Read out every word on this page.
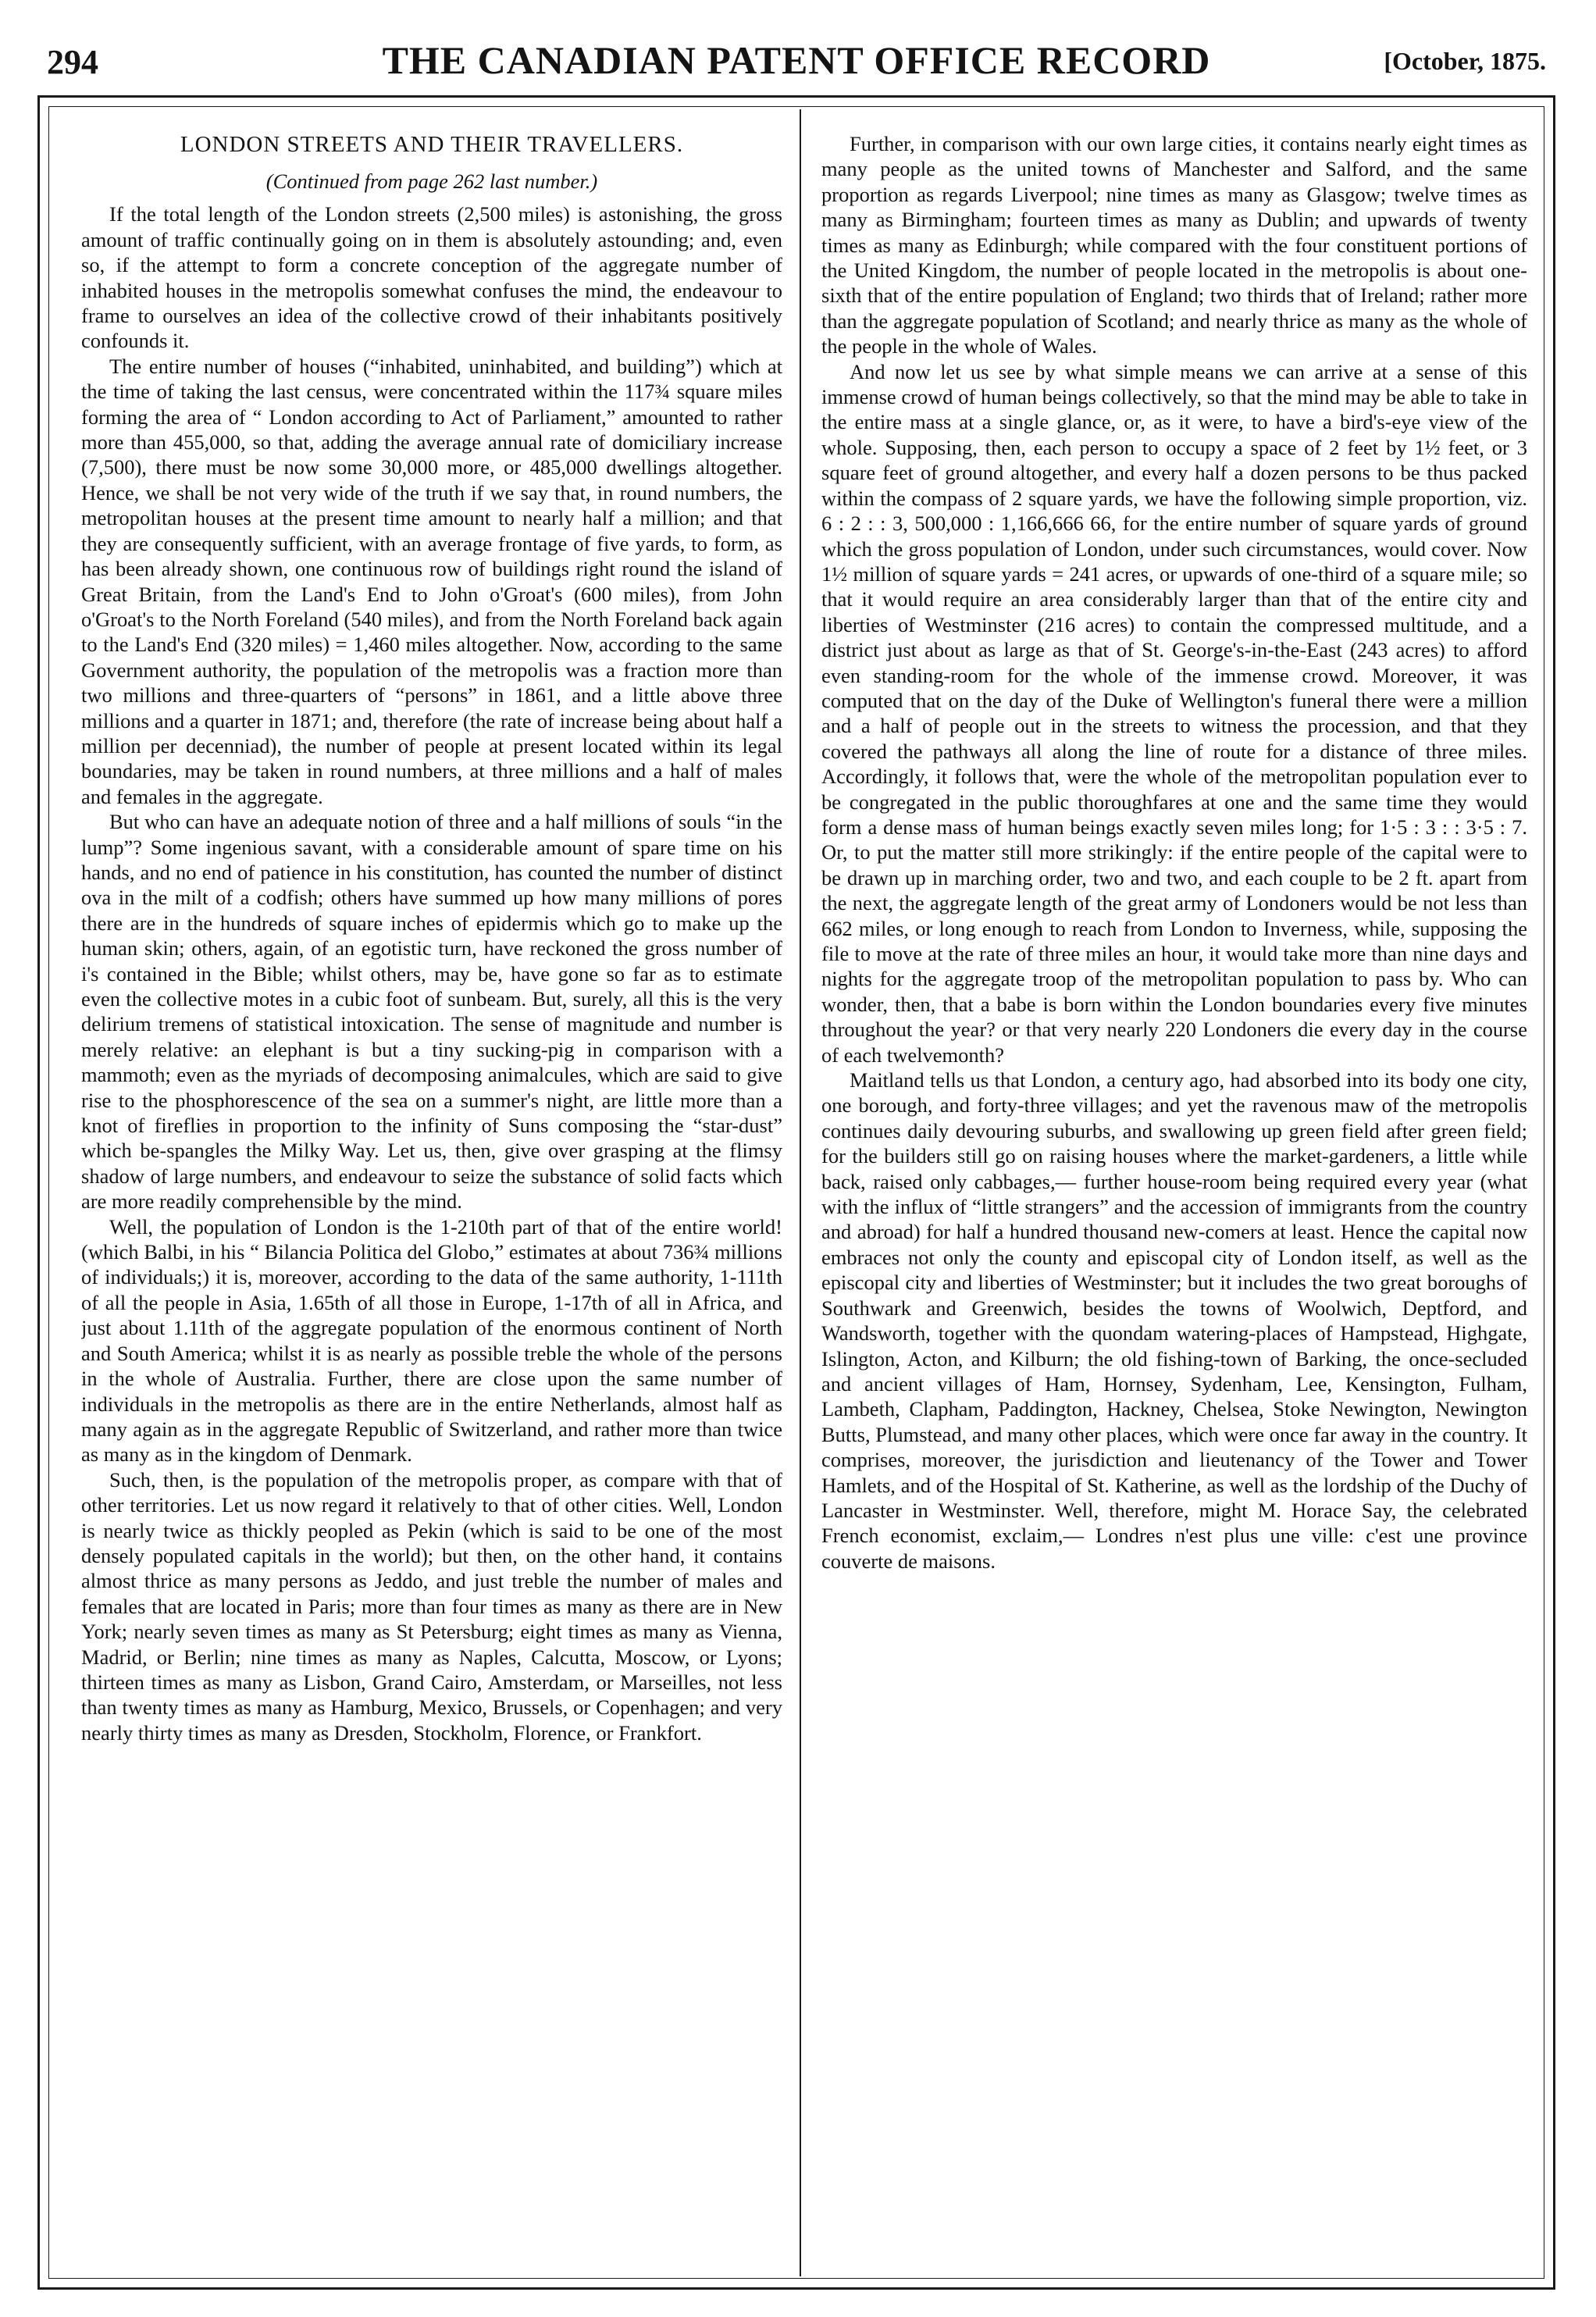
294	THE CANADIAN PATENT OFFICE RECORD	[October, 1875.
LONDON STREETS AND THEIR TRAVELLERS.
(Continued from page 262 last number.)

If the total length of the London streets (2,500 miles) is astonishing, the gross amount of traffic continually going on in them is absolutely astounding; and, even so, if the attempt to form a concrete conception of the aggregate number of inhabited houses in the metropolis somewhat confuses the mind, the endeavour to frame to ourselves an idea of the collective crowd of their inhabitants positively confounds it.

The entire number of houses (“inhabited, uninhabited, and building”) which at the time of taking the last census, were concentrated within the 117¾ square miles forming the area of “ London according to Act of Parliament,” amounted to rather more than 455,000, so that, adding the average annual rate of domiciliary increase (7,500), there must be now some 30,000 more, or 485,000 dwellings altogether. Hence, we shall be not very wide of the truth if we say that, in round numbers, the metropolitan houses at the present time amount to nearly half a million; and that they are consequently sufficient, with an average frontage of five yards, to form, as has been already shown, one continuous row of buildings right round the island of Great Britain, from the Land's End to John o'Groat's (600 miles), from John o'Groat's to the North Foreland (540 miles), and from the North Foreland back again to the Land's End (320 miles) = 1,460 miles altogether. Now, according to the same Government authority, the population of the metropolis was a fraction more than two millions and three-quarters of “persons” in 1861, and a little above three millions and a quarter in 1871; and, therefore (the rate of increase being about half a million per decenniad), the number of people at present located within its legal boundaries, may be taken in round numbers, at three millions and a half of males and females in the aggregate.

But who can have an adequate notion of three and a half millions of souls “in the lump”? Some ingenious savant, with a considerable amount of spare time on his hands, and no end of patience in his constitution, has counted the number of distinct ova in the milt of a codfish; others have summed up how many millions of pores there are in the hundreds of square inches of epidermis which go to make up the human skin; others, again, of an egotistic turn, have reckoned the gross number of i's contained in the Bible; whilst others, may be, have gone so far as to estimate even the collective motes in a cubic foot of sunbeam. But, surely, all this is the very delirium tremens of statistical intoxication. The sense of magnitude and number is merely relative: an elephant is but a tiny sucking-pig in comparison with a mammoth; even as the myriads of decomposing animalcules, which are said to give rise to the phosphorescence of the sea on a summer's night, are little more than a knot of fireflies in proportion to the infinity of Suns composing the “star-dust” which be-spangles the Milky Way. Let us, then, give over grasping at the flimsy shadow of large numbers, and endeavour to seize the substance of solid facts which are more readily comprehensible by the mind.

Well, the population of London is the 1-210th part of that of the entire world! (which Balbi, in his “ Bilancia Politica del Globo,” estimates at about 736¾ millions of individuals;) it is, moreover, according to the data of the same authority, 1-111th of all the people in Asia, 1.65th of all those in Europe, 1-17th of all in Africa, and just about 1.11th of the aggregate population of the enormous continent of North and South America; whilst it is as nearly as possible treble the whole of the persons in the whole of Australia. Further, there are close upon the same number of individuals in the metropolis as there are in the entire Netherlands, almost half as many again as in the aggregate Republic of Switzerland, and rather more than twice as many as in the kingdom of Denmark.

Such, then, is the population of the metropolis proper, as compare with that of other territories. Let us now regard it relatively to that of other cities. Well, London is nearly twice as thickly peopled as Pekin (which is said to be one of the most densely populated capitals in the world); but then, on the other hand, it contains almost thrice as many persons as Jeddo, and just treble the number of males and females that are located in Paris; more than four times as many as there are in New York; nearly seven times as many as St Petersburg; eight times as many as Vienna, Madrid, or Berlin; nine times as many as Naples, Calcutta, Moscow, or Lyons; thirteen times as many as Lisbon, Grand Cairo, Amsterdam, or Marseilles, not less than twenty times as many as Hamburg, Mexico, Brussels, or Copenhagen; and very nearly thirty times as many as Dresden, Stockholm, Florence, or Frankfort.

Further, in comparison with our own large cities, it contains nearly eight times as many people as the united towns of Manchester and Salford, and the same proportion as regards Liverpool; nine times as many as Glasgow; twelve times as many as Birmingham; fourteen times as many as Dublin; and upwards of twenty times as many as Edinburgh; while compared with the four constituent portions of the United Kingdom, the number of people located in the metropolis is about one-sixth that of the entire population of England; two thirds that of Ireland; rather more than the aggregate population of Scotland; and nearly thrice as many as the whole of the people in the whole of Wales.

And now let us see by what simple means we can arrive at a sense of this immense crowd of human beings collectively, so that the mind may be able to take in the entire mass at a single glance, or, as it were, to have a bird's-eye view of the whole. Supposing, then, each person to occupy a space of 2 feet by 1½ feet, or 3 square feet of ground altogether, and every half a dozen persons to be thus packed within the compass of 2 square yards, we have the following simple proportion, viz. 6 : 2 : : 3, 500,000 : 1,166,666 66, for the entire number of square yards of ground which the gross population of London, under such circumstances, would cover. Now 1½ million of square yards = 241 acres, or upwards of one-third of a square mile; so that it would require an area considerably larger than that of the entire city and liberties of Westminster (216 acres) to contain the compressed multitude, and a district just about as large as that of St. George's-in-the-East (243 acres) to afford even standing-room for the whole of the immense crowd. Moreover, it was computed that on the day of the Duke of Wellington's funeral there were a million and a half of people out in the streets to witness the procession, and that they covered the pathways all along the line of route for a distance of three miles. Accordingly, it follows that, were the whole of the metropolitan population ever to be congregated in the public thoroughfares at one and the same time they would form a dense mass of human beings exactly seven miles long; for 1·5 : 3 : : 3·5 : 7. Or, to put the matter still more strikingly: if the entire people of the capital were to be drawn up in marching order, two and two, and each couple to be 2 ft. apart from the next, the aggregate length of the great army of Londoners would be not less than 662 miles, or long enough to reach from London to Inverness, while, supposing the file to move at the rate of three miles an hour, it would take more than nine days and nights for the aggregate troop of the metropolitan population to pass by. Who can wonder, then, that a babe is born within the London boundaries every five minutes throughout the year? or that very nearly 220 Londoners die every day in the course of each twelvemonth?

Maitland tells us that London, a century ago, had absorbed into its body one city, one borough, and forty-three villages; and yet the ravenous maw of the metropolis continues daily devouring suburbs, and swallowing up green field after green field; for the builders still go on raising houses where the market-gardeners, a little while back, raised only cabbages,— further house-room being required every year (what with the influx of “little strangers” and the accession of immigrants from the country and abroad) for half a hundred thousand new-comers at least. Hence the capital now embraces not only the county and episcopal city of London itself, as well as the episcopal city and liberties of Westminster; but it includes the two great boroughs of Southwark and Greenwich, besides the towns of Woolwich, Deptford, and Wandsworth, together with the quondam watering-places of Hampstead, Highgate, Islington, Acton, and Kilburn; the old fishing-town of Barking, the once-secluded and ancient villages of Ham, Hornsey, Sydenham, Lee, Kensington, Fulham, Lambeth, Clapham, Paddington, Hackney, Chelsea, Stoke Newington, Newington Butts, Plumstead, and many other places, which were once far away in the country. It comprises, moreover, the jurisdiction and lieutenancy of the Tower and Tower Hamlets, and of the Hospital of St. Katherine, as well as the lordship of the Duchy of Lancaster in Westminster. Well, therefore, might M. Horace Say, the celebrated French economist, exclaim,— Londres n'est plus une ville: c'est une province couverte de maisons.
